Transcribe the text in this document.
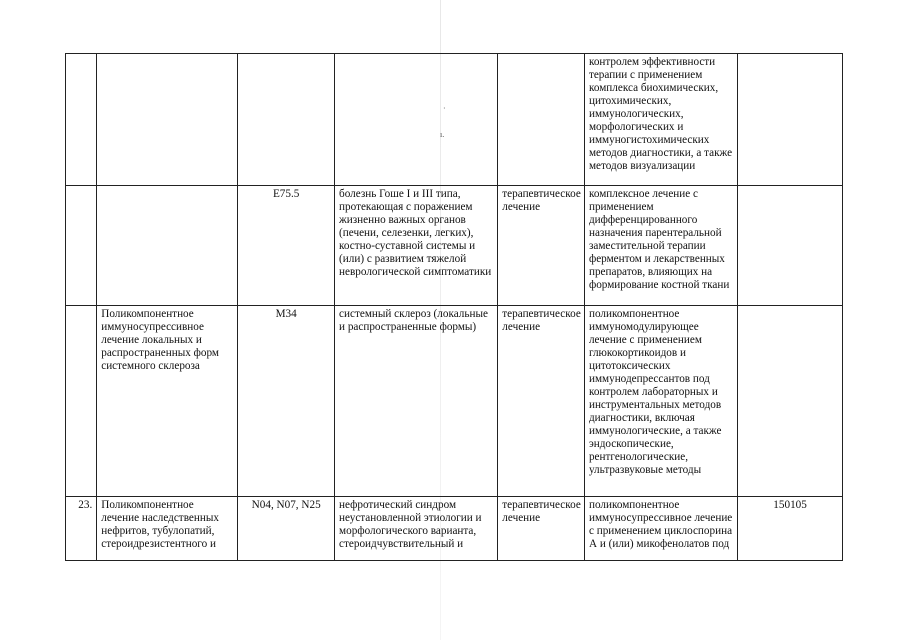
·
ı.
					контролем эффективности терапии с применением комплекса биохимических, цитохимических, иммунологических, морфологических и иммуногистохимических методов диагностики, а также методов визуализации	
		E75.5	болезнь Гоше I и III типа, протекающая с поражением жизненно важных органов (печени, селезенки, легких), костно-суставной системы и (или) с развитием тяжелой неврологической симптоматики	терапевтическое лечение	комплексное лечение с применением дифференцированного назначения парентеральной заместительной терапии ферментом и лекарственных препаратов, влияющих на формирование костной ткани	
	Поликомпонентное иммуносупрессивное лечение локальных и распространенных форм системного склероза	M34	системный склероз (локальные и распространенные формы)	терапевтическое лечение	поликомпонентное иммуномодулирующее лечение с применением глюкокортикоидов и цитотоксических иммунодепрессантов под контролем лабораторных и инструментальных методов диагностики, включая иммунологические, а также эндоскопические, рентгенологические, ультразвуковые методы	
23.	Поликомпонентное лечение наследственных нефритов, тубулопатий, стероидрезистентного и	N04, N07, N25	нефротический синдром неустановленной этиологии и морфологического варианта, стероидчувствительный и	терапевтическое лечение	поликомпонентное иммуносупрессивное лечение с применением циклоспорина А и (или) микофенолатов под	150105
